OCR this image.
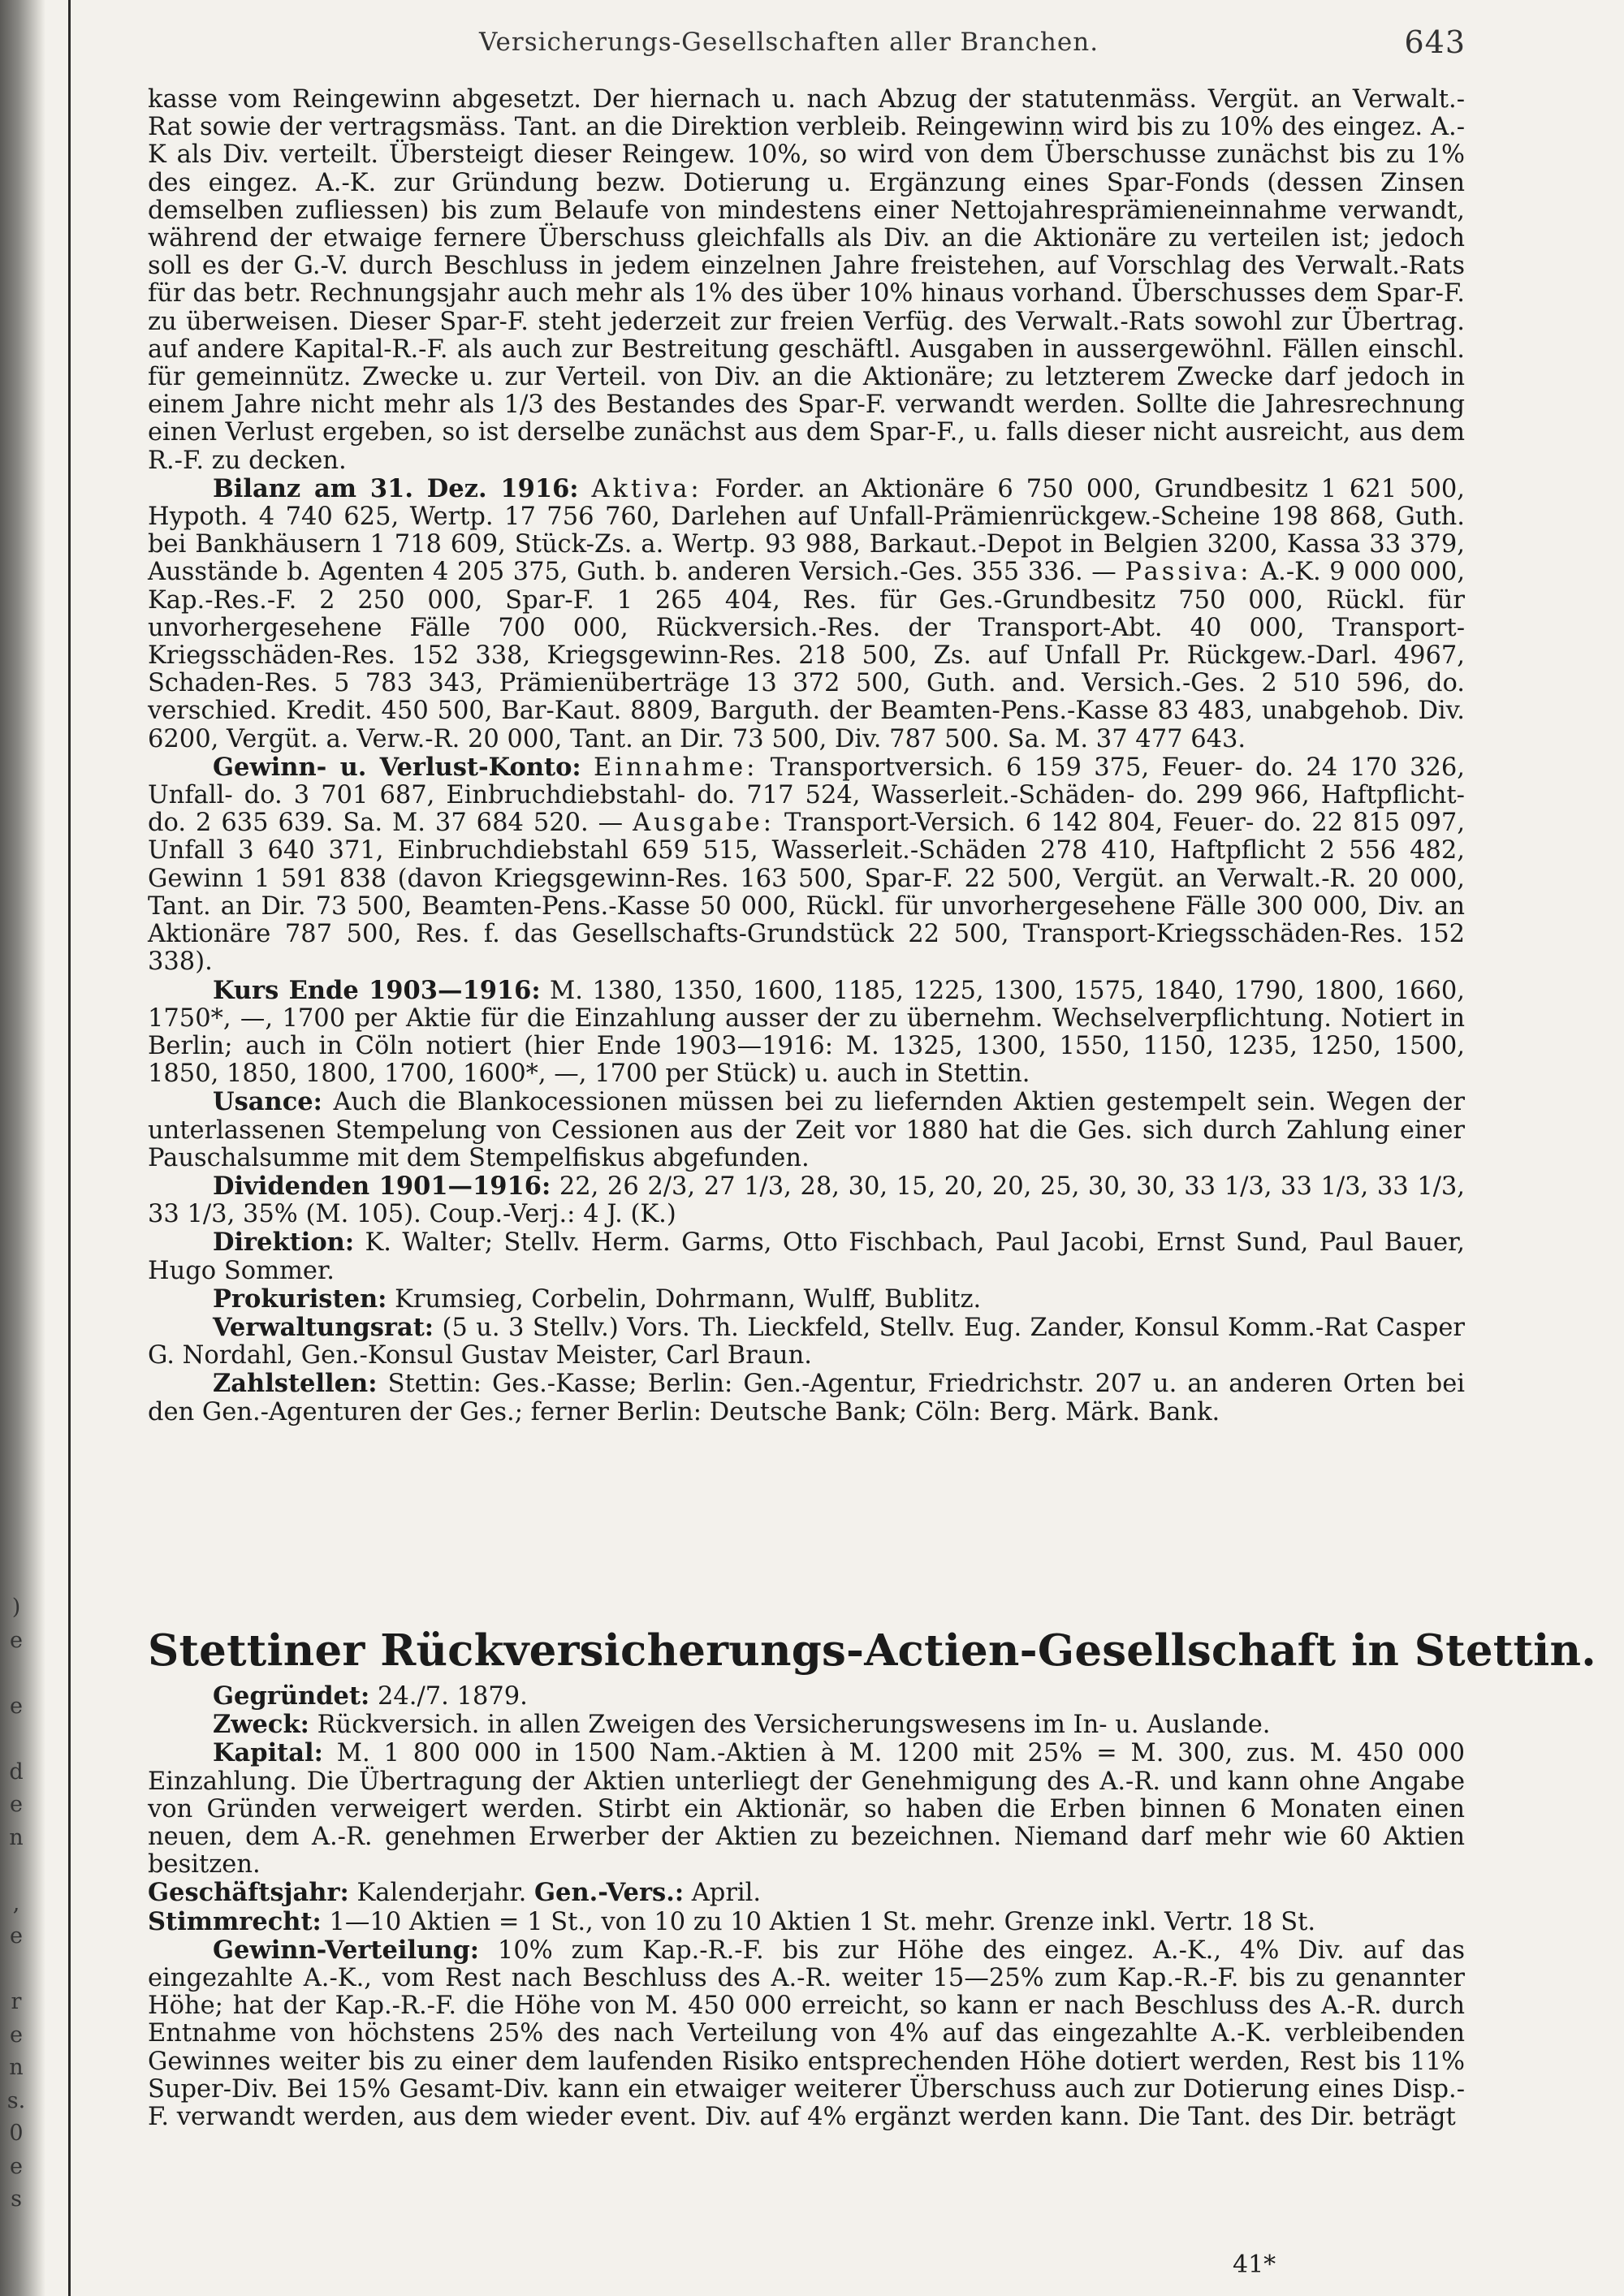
)
e
e
d
e
n
,
e
r
e
n
s.
0
e
s
Versicherungs-Gesellschaften aller Branchen.	643

kasse vom Reingewinn abgesetzt. Der hiernach u. nach Abzug der statutenmäss. Vergüt. an Verwalt.-Rat sowie der vertragsmäss. Tant. an die Direktion verbleib. Reingewinn wird bis zu 10% des eingez. A.-K als Div. verteilt. Übersteigt dieser Reingew. 10%, so wird von dem Überschusse zunächst bis zu 1% des eingez. A.-K. zur Gründung bezw. Dotierung u. Ergänzung eines Spar-Fonds (dessen Zinsen demselben zufliessen) bis zum Belaufe von mindestens einer Nettojahresprämieneinnahme verwandt, während der etwaige fernere Überschuss gleichfalls als Div. an die Aktionäre zu verteilen ist; jedoch soll es der G.-V. durch Beschluss in jedem einzelnen Jahre freistehen, auf Vorschlag des Verwalt.-Rats für das betr. Rechnungsjahr auch mehr als 1% des über 10% hinaus vorhand. Überschusses dem Spar-F. zu überweisen. Dieser Spar-F. steht jederzeit zur freien Verfüg. des Verwalt.-Rats sowohl zur Übertrag. auf andere Kapital-R.-F. als auch zur Bestreitung geschäftl. Ausgaben in aussergewöhnl. Fällen einschl. für gemeinnütz. Zwecke u. zur Verteil. von Div. an die Aktionäre; zu letzterem Zwecke darf jedoch in einem Jahre nicht mehr als 1/3 des Bestandes des Spar-F. verwandt werden. Sollte die Jahresrechnung einen Verlust ergeben, so ist derselbe zunächst aus dem Spar-F., u. falls dieser nicht ausreicht, aus dem R.-F. zu decken.

Bilanz am 31. Dez. 1916: Aktiva: Forder. an Aktionäre 6 750 000, Grundbesitz 1 621 500, Hypoth. 4 740 625, Wertp. 17 756 760, Darlehen auf Unfall-Prämienrückgew.-Scheine 198 868, Guth. bei Bankhäusern 1 718 609, Stück-Zs. a. Wertp. 93 988, Barkaut.-Depot in Belgien 3200, Kassa 33 379, Ausstände b. Agenten 4 205 375, Guth. b. anderen Versich.-Ges. 355 336. — Passiva: A.-K. 9 000 000, Kap.-Res.-F. 2 250 000, Spar-F. 1 265 404, Res. für Ges.-Grundbesitz 750 000, Rückl. für unvorhergesehene Fälle 700 000, Rückversich.-Res. der Transport-Abt. 40 000, Transport-Kriegsschäden-Res. 152 338, Kriegsgewinn-Res. 218 500, Zs. auf Unfall Pr. Rückgew.-Darl. 4967, Schaden-Res. 5 783 343, Prämienüberträge 13 372 500, Guth. and. Versich.-Ges. 2 510 596, do. verschied. Kredit. 450 500, Bar-Kaut. 8809, Barguth. der Beamten-Pens.-Kasse 83 483, unabgehob. Div. 6200, Vergüt. a. Verw.-R. 20 000, Tant. an Dir. 73 500, Div. 787 500. Sa. M. 37 477 643.

Gewinn- u. Verlust-Konto: Einnahme: Transportversich. 6 159 375, Feuer- do. 24 170 326, Unfall- do. 3 701 687, Einbruchdiebstahl- do. 717 524, Wasserleit.-Schäden- do. 299 966, Haftpflicht- do. 2 635 639. Sa. M. 37 684 520. — Ausgabe: Transport-Versich. 6 142 804, Feuer- do. 22 815 097, Unfall 3 640 371, Einbruchdiebstahl 659 515, Wasserleit.-Schäden 278 410, Haftpflicht 2 556 482, Gewinn 1 591 838 (davon Kriegsgewinn-Res. 163 500, Spar-F. 22 500, Vergüt. an Verwalt.-R. 20 000, Tant. an Dir. 73 500, Beamten-Pens.-Kasse 50 000, Rückl. für unvorhergesehene Fälle 300 000, Div. an Aktionäre 787 500, Res. f. das Gesellschafts-Grundstück 22 500, Transport-Kriegsschäden-Res. 152 338).

Kurs Ende 1903—1916: M. 1380, 1350, 1600, 1185, 1225, 1300, 1575, 1840, 1790, 1800, 1660, 1750*, —, 1700 per Aktie für die Einzahlung ausser der zu übernehm. Wechselverpflichtung. Notiert in Berlin; auch in Cöln notiert (hier Ende 1903—1916: M. 1325, 1300, 1550, 1150, 1235, 1250, 1500, 1850, 1850, 1800, 1700, 1600*, —, 1700 per Stück) u. auch in Stettin.

Usance: Auch die Blankocessionen müssen bei zu liefernden Aktien gestempelt sein. Wegen der unterlassenen Stempelung von Cessionen aus der Zeit vor 1880 hat die Ges. sich durch Zahlung einer Pauschalsumme mit dem Stempelfiskus abgefunden.

Dividenden 1901—1916: 22, 26 2/3, 27 1/3, 28, 30, 15, 20, 20, 25, 30, 30, 33 1/3, 33 1/3, 33 1/3, 33 1/3, 35% (M. 105). Coup.-Verj.: 4 J. (K.)

Direktion: K. Walter; Stellv. Herm. Garms, Otto Fischbach, Paul Jacobi, Ernst Sund, Paul Bauer, Hugo Sommer.

Prokuristen: Krumsieg, Corbelin, Dohrmann, Wulff, Bublitz.

Verwaltungsrat: (5 u. 3 Stellv.) Vors. Th. Lieckfeld, Stellv. Eug. Zander, Konsul Komm.-Rat Casper G. Nordahl, Gen.-Konsul Gustav Meister, Carl Braun.

Zahlstellen: Stettin: Ges.-Kasse; Berlin: Gen.-Agentur, Friedrichstr. 207 u. an anderen Orten bei den Gen.-Agenturen der Ges.; ferner Berlin: Deutsche Bank; Cöln: Berg. Märk. Bank.

Stettiner Rückversicherungs-Actien-Gesellschaft in Stettin.

Gegründet: 24./7. 1879.

Zweck: Rückversich. in allen Zweigen des Versicherungswesens im In- u. Auslande.

Kapital: M. 1 800 000 in 1500 Nam.-Aktien à M. 1200 mit 25% = M. 300, zus. M. 450 000 Einzahlung. Die Übertragung der Aktien unterliegt der Genehmigung des A.-R. und kann ohne Angabe von Gründen verweigert werden. Stirbt ein Aktionär, so haben die Erben binnen 6 Monaten einen neuen, dem A.-R. genehmen Erwerber der Aktien zu bezeichnen. Niemand darf mehr wie 60 Aktien besitzen.

Geschäftsjahr: Kalenderjahr. Gen.-Vers.: April.

Stimmrecht: 1—10 Aktien = 1 St., von 10 zu 10 Aktien 1 St. mehr. Grenze inkl. Vertr. 18 St.

Gewinn-Verteilung: 10% zum Kap.-R.-F. bis zur Höhe des eingez. A.-K., 4% Div. auf das eingezahlte A.-K., vom Rest nach Beschluss des A.-R. weiter 15—25% zum Kap.-R.-F. bis zu genannter Höhe; hat der Kap.-R.-F. die Höhe von M. 450 000 erreicht, so kann er nach Beschluss des A.-R. durch Entnahme von höchstens 25% des nach Verteilung von 4% auf das eingezahlte A.-K. verbleibenden Gewinnes weiter bis zu einer dem laufenden Risiko entsprechenden Höhe dotiert werden, Rest bis 11% Super-Div. Bei 15% Gesamt-Div. kann ein etwaiger weiterer Überschuss auch zur Dotierung eines Disp.-F. verwandt werden, aus dem wieder event. Div. auf 4% ergänzt werden kann. Die Tant. des Dir. beträgt

41*
